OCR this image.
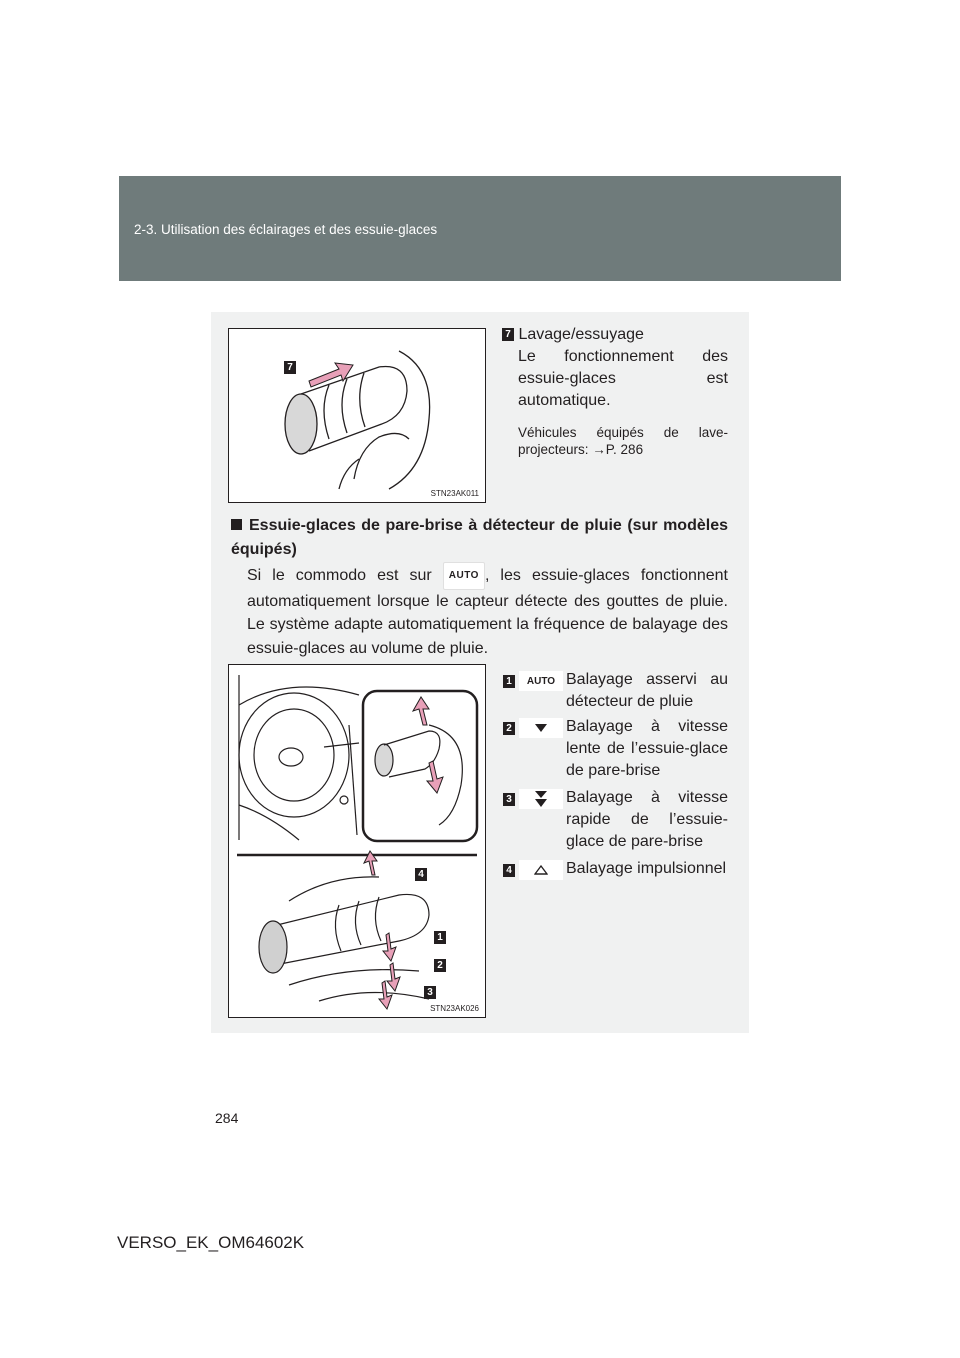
2-3. Utilisation des éclairages et des essuie-glaces
7
STN23AK011
7 Lavage/essuyage
Le fonctionnement des essuie-glaces est automatique.
Véhicules équipés de lave-projecteurs: →P. 286
Essuie-glaces de pare-brise à détecteur de pluie (sur modèles équipés)
Si le commodo est sur AUTO , les essuie-glaces fonctionnent automatiquement lorsque le capteur détecte des gouttes de pluie. Le système adapte automatiquement la fréquence de balayage des essuie-glaces au volume de pluie.
4
1
2
3
STN23AK026
1	AUTO Balayage asservi au détecteur de pluie
2	Balayage à vitesse lente de l’essuie-glace de pare-brise
3	Balayage à vitesse rapide de l’essuie-glace de pare-brise
4	Balayage impulsionnel
284
VERSO_EK_OM64602K
